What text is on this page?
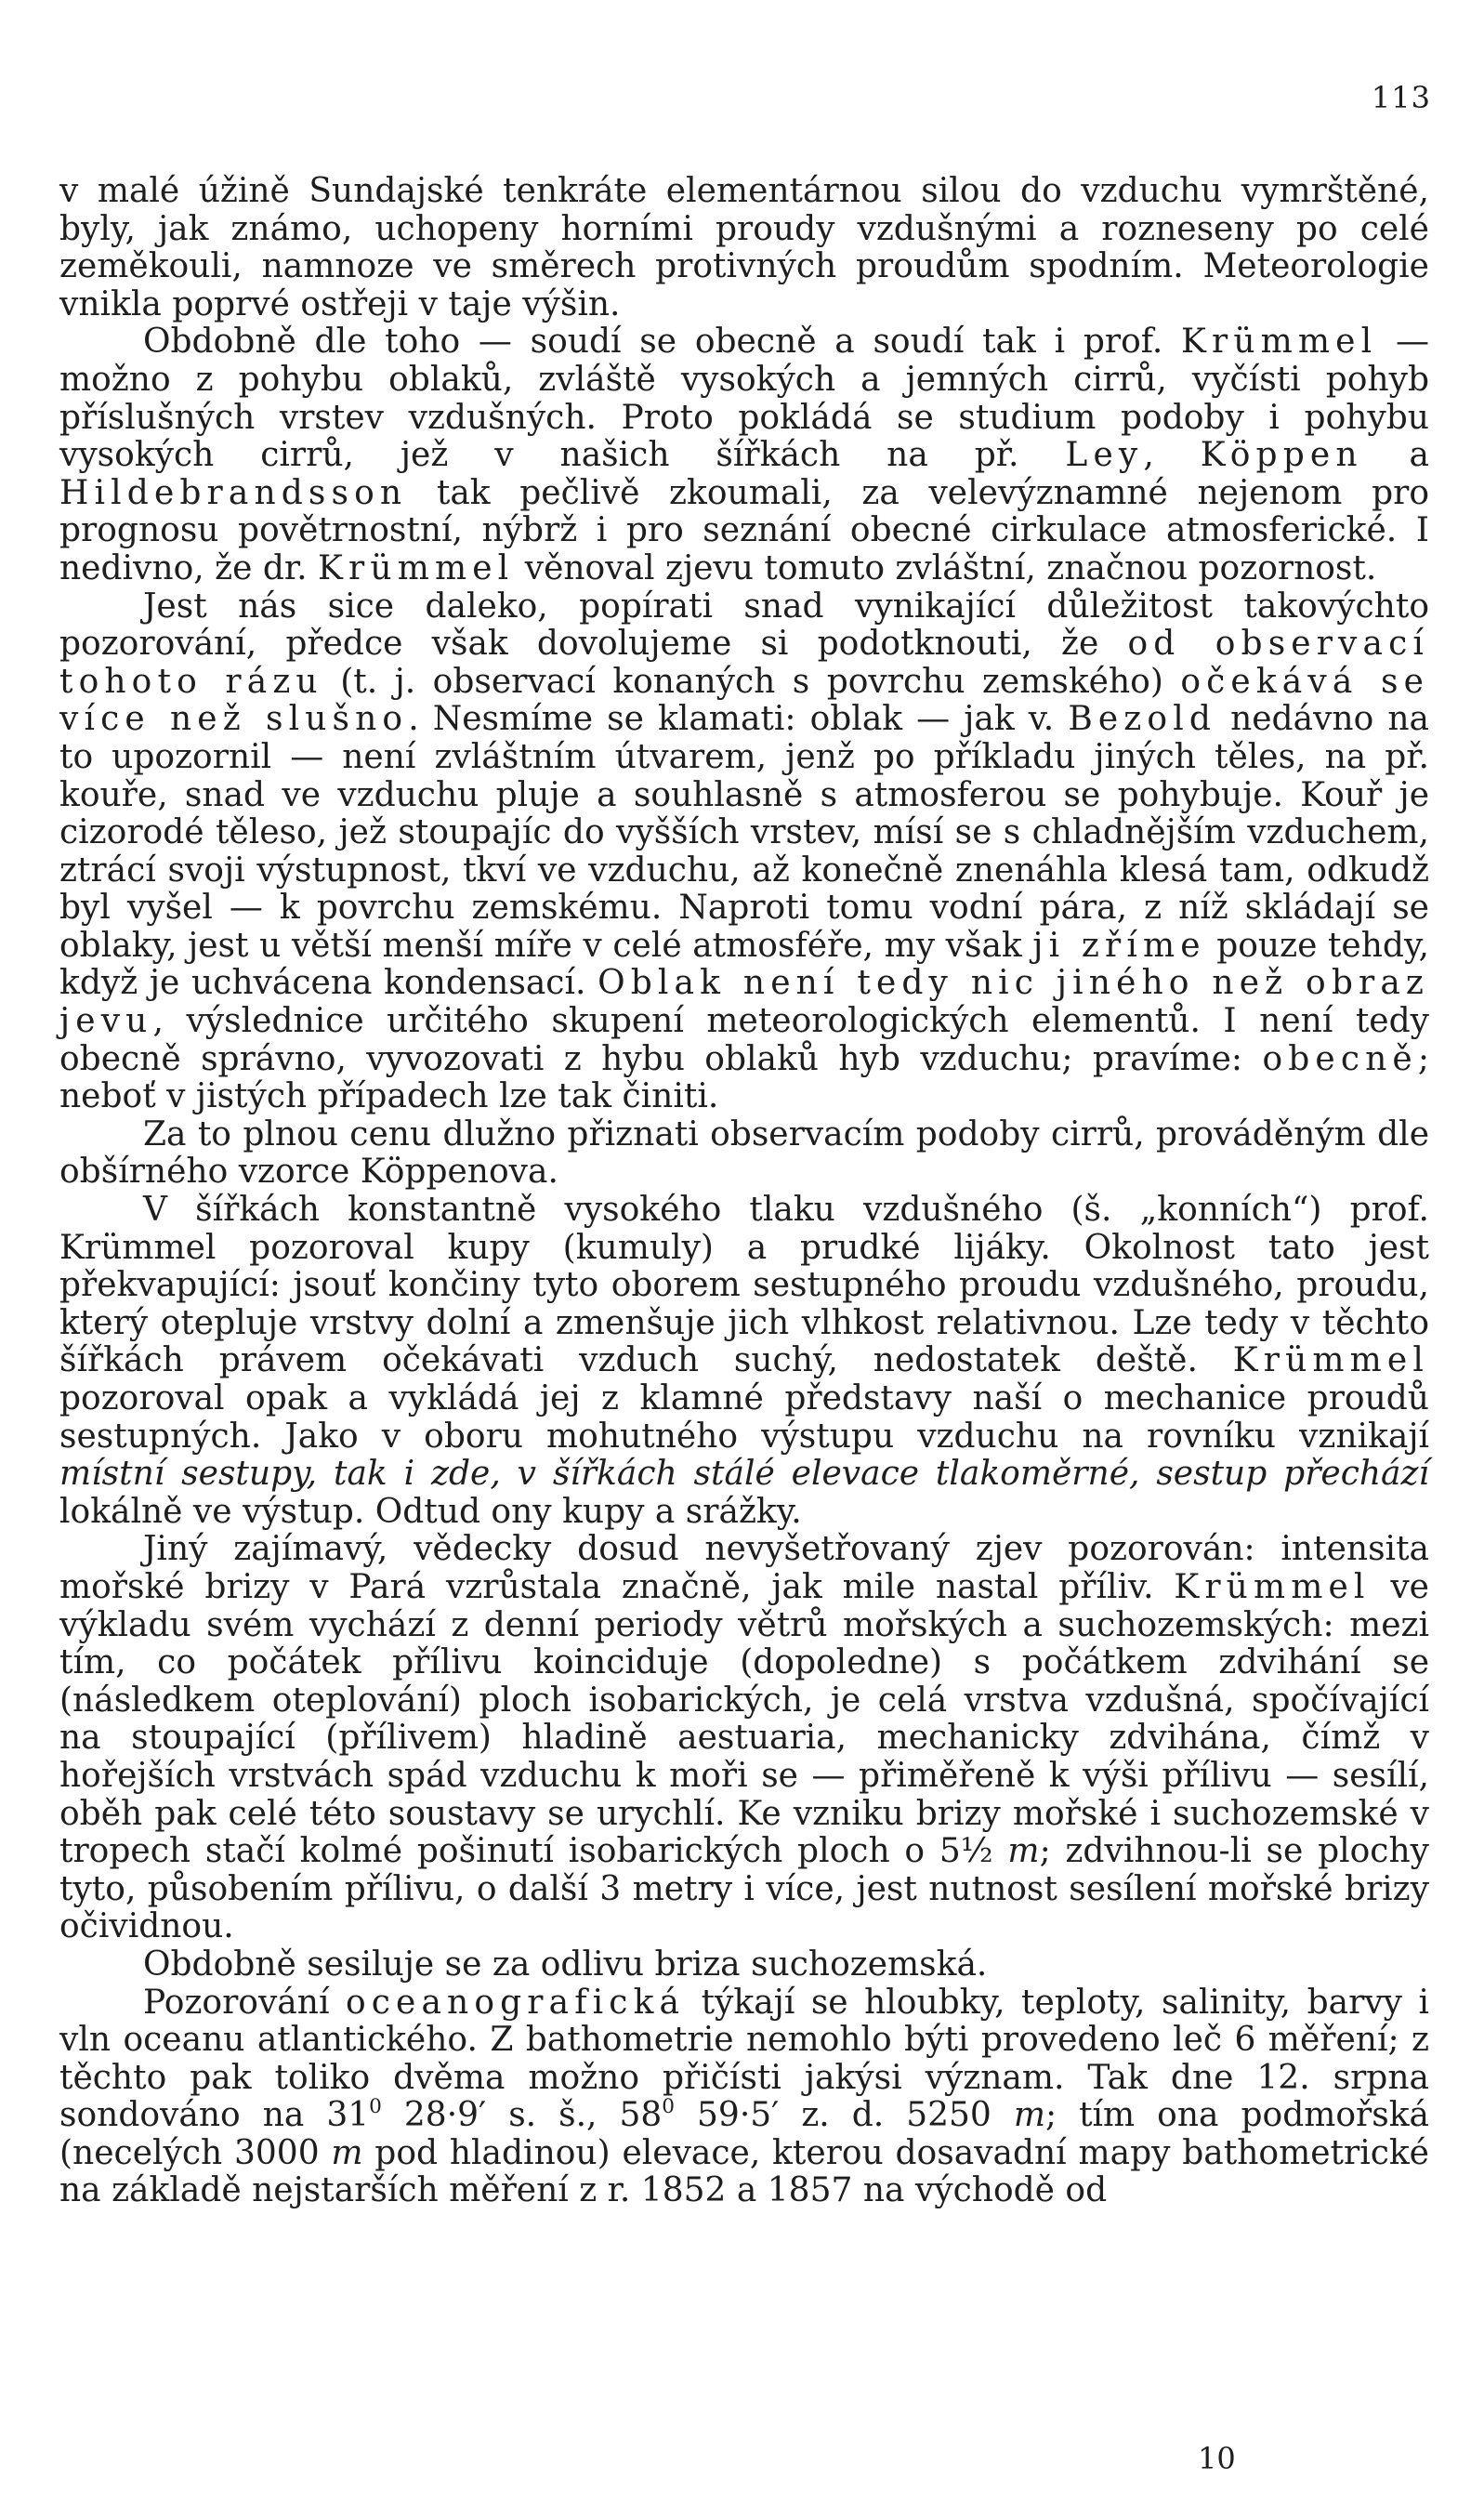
113

v malé úžině Sundajské tenkráte elementárnou silou do vzduchu vymrštěné, byly, jak známo, uchopeny horními proudy vzdušnými a rozneseny po celé zeměkouli, namnoze ve směrech protivných proudům spodním. Meteorologie vnikla poprvé ostřeji v taje výšin.

Obdobně dle toho — soudí se obecně a soudí tak i prof. Krümmel — možno z pohybu oblaků, zvláště vysokých a jemných cirrů, vyčísti pohyb příslušných vrstev vzdušných. Proto pokládá se studium podoby i pohybu vysokých cirrů, jež v našich šířkách na př. Ley, Köppen a Hildebrandsson tak pečlivě zkoumali, za velevýznamné nejenom pro prognosu povětrnostní, nýbrž i pro seznání obecné cirkulace atmosferické. I nedivno, že dr. Krümmel věnoval zjevu tomuto zvláštní, značnou pozornost.

Jest nás sice daleko, popírati snad vynikající důležitost takovýchto pozorování, předce však dovolujeme si podotknouti, že od observací tohoto rázu (t. j. observací konaných s povrchu zemského) očekává se více než slušno. Nesmíme se klamati: oblak — jak v. Bezold nedávno na to upozornil — není zvláštním útvarem, jenž po příkladu jiných těles, na př. kouře, snad ve vzduchu pluje a souhlasně s atmosferou se pohybuje. Kouř je cizorodé těleso, jež stoupajíc do vyšších vrstev, mísí se s chladnějším vzduchem, ztrácí svoji výstupnost, tkví ve vzduchu, až konečně znenáhla klesá tam, odkudž byl vyšel — k povrchu zemskému. Naproti tomu vodní pára, z níž skládají se oblaky, jest u větší menší míře v celé atmosféře, my však ji zříme pouze tehdy, když je uchvácena kondensací. Oblak není tedy nic jiného než obraz jevu, výslednice určitého skupení meteorologických elementů. I není tedy obecně správno, vyvozovati z hybu oblaků hyb vzduchu; pravíme: obecně; neboť v jistých případech lze tak činiti.

Za to plnou cenu dlužno přiznati observacím podoby cirrů, prováděným dle obšírného vzorce Köppenova.

V šířkách konstantně vysokého tlaku vzdušného (š. „konních“) prof. Krümmel pozoroval kupy (kumuly) a prudké lijáky. Okolnost tato jest překvapující: jsouť končiny tyto oborem sestupného proudu vzdušného, proudu, který otepluje vrstvy dolní a zmenšuje jich vlhkost relativnou. Lze tedy v těchto šířkách právem očekávati vzduch suchý, nedostatek deště. Krümmel pozoroval opak a vykládá jej z klamné představy naší o mechanice proudů sestupných. Jako v oboru mohutného výstupu vzduchu na rovníku vznikají místní sestupy, tak i zde, v šířkách stálé elevace tlakoměrné, sestup přechází lokálně ve výstup. Odtud ony kupy a srážky.

Jiný zajímavý, vědecky dosud nevyšetřovaný zjev pozorován: intensita mořské brizy v Pará vzrůstala značně, jak mile nastal příliv. Krümmel ve výkladu svém vychází z denní periody větrů mořských a suchozemských: mezi tím, co počátek přílivu koinciduje (dopoledne) s počátkem zdvihání se (následkem oteplování) ploch isobarických, je celá vrstva vzdušná, spočívající na stoupající (přílivem) hladině aestuaria, mechanicky zdvihána, čímž v hořejších vrstvách spád vzduchu k moři se — přiměřeně k výši přílivu — sesílí, oběh pak celé této soustavy se urychlí. Ke vzniku brizy mořské i suchozemské v tropech stačí kolmé pošinutí isobarických ploch o 5½ m; zdvihnou-li se plochy tyto, působením přílivu, o další 3 metry i více, jest nutnost sesílení mořské brizy očividnou.

Obdobně sesiluje se za odlivu briza suchozemská.

Pozorování oceanografická týkají se hloubky, teploty, salinity, barvy i vln oceanu atlantického. Z bathometrie nemohlo býti provedeno leč 6 měření; z těchto pak toliko dvěma možno přičísti jakýsi význam. Tak dne 12. srpna sondováno na $31^0$ 28·9′ s. š., $58^0$ 59·5′ z. d. 5250 m; tím ona podmořská (necelých 3000 m pod hladinou) elevace, kterou dosavadní mapy bathometrické na základě nejstarších měření z r. 1852 a 1857 na východě od

10
